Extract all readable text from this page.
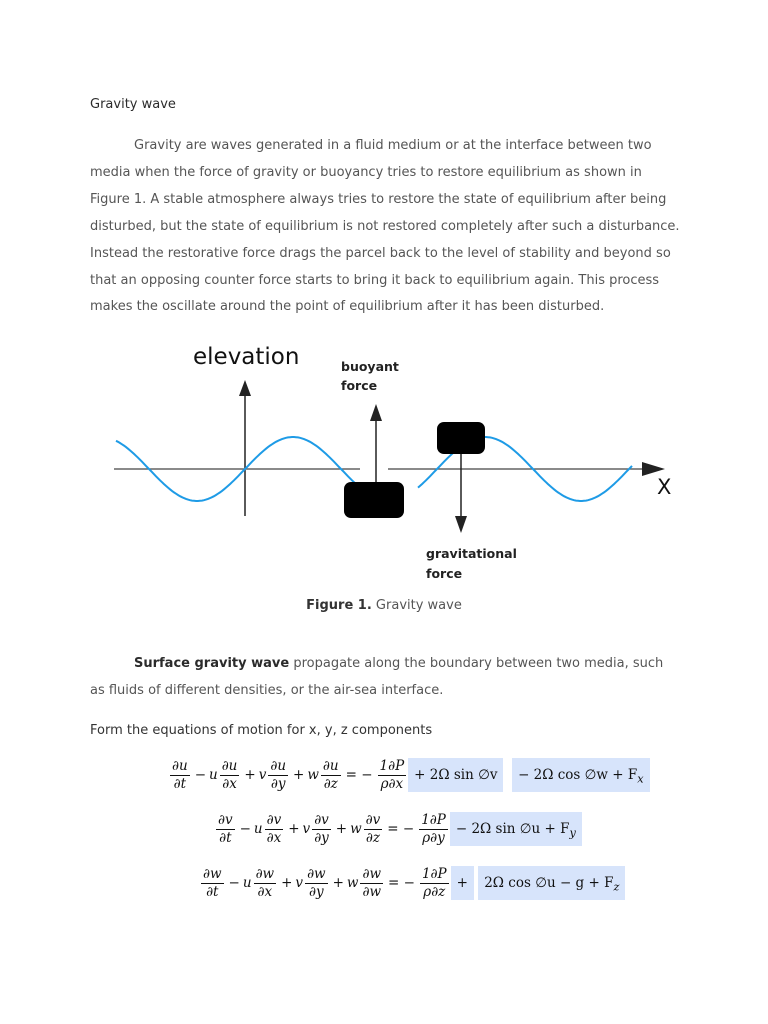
Gravity wave
Gravity are waves generated in a fluid medium or at the interface between two media when the force of gravity or buoyancy tries to restore equilibrium as shown in Figure 1. A stable atmosphere always tries to restore the state of equilibrium after being disturbed, but the state of equilibrium is not restored completely after such a disturbance. Instead the restorative force drags the parcel back to the level of stability and beyond so that an opposing counter force starts to bring it back to equilibrium again. This process makes the oscillate around the point of equilibrium after it has been disturbed.
elevation	buoyant
force
gravitational
force
X
Figure 1. Gravity wave
Surface gravity wave propagate along the boundary between two media, such as fluids of different densities, or the air-sea interface.
Form the equations of motion for x, y, z components
$\frac{\partial u}{\partial t} - u \frac{\partial u}{\partial x} + v \frac{\partial u}{\partial y} + w \frac{\partial u}{\partial z}$ = − $\frac{1\partial P}{\rho\partial x} + 2\Omega$ sin ∅v − 2Ω cos ∅w + $F_x$
$\frac{\partial v}{\partial t} - u \frac{\partial v}{\partial x} + v \frac{\partial v}{\partial y} + w \frac{\partial v}{\partial z}$ = − $\frac{1\partial P}{\rho\partial y} - 2\Omega$ sin ∅u + $F_y$
$\frac{\partial w}{\partial t} - u \frac{\partial w}{\partial x} + v \frac{\partial w}{\partial y} + w \frac{\partial w}{\partial w}$ = − $\frac{1\partial P}{\rho\partial z} + 2\Omega$ cos ∅u − $g + F_z$
